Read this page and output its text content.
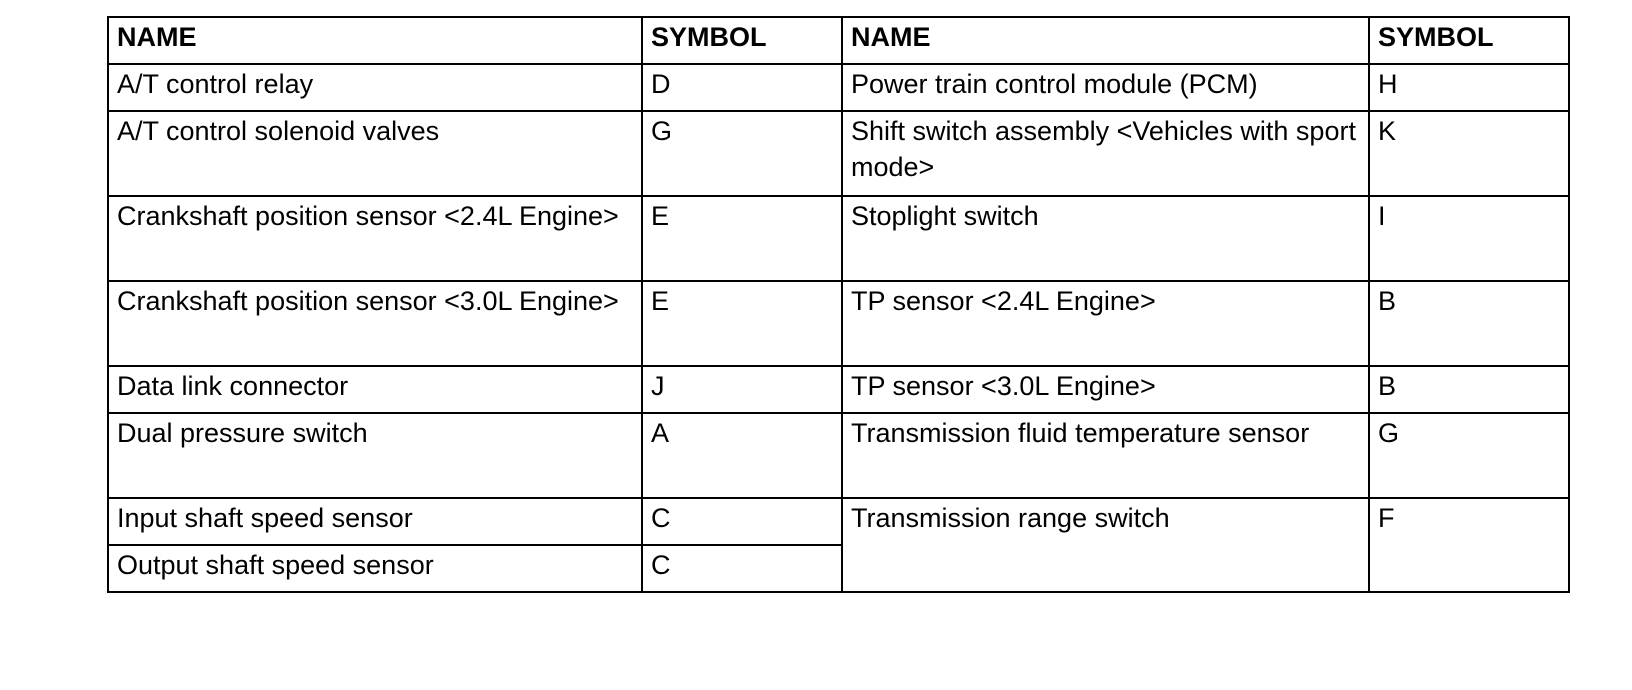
NAME	SYMBOL	NAME	SYMBOL
A/T control relay	D	Power train control module (PCM)	H
A/T control solenoid valves	G	Shift switch assembly <Vehicles with sport mode>	K
Crankshaft position sensor <2.4L Engine>	E	Stoplight switch	I
Crankshaft position sensor <3.0L Engine>	E	TP sensor <2.4L Engine>	B
Data link connector	J	TP sensor <3.0L Engine>	B
Dual pressure switch	A	Transmission fluid temperature sensor	G
Input shaft speed sensor	C	Transmission range switch	F
Output shaft speed sensor	C		
